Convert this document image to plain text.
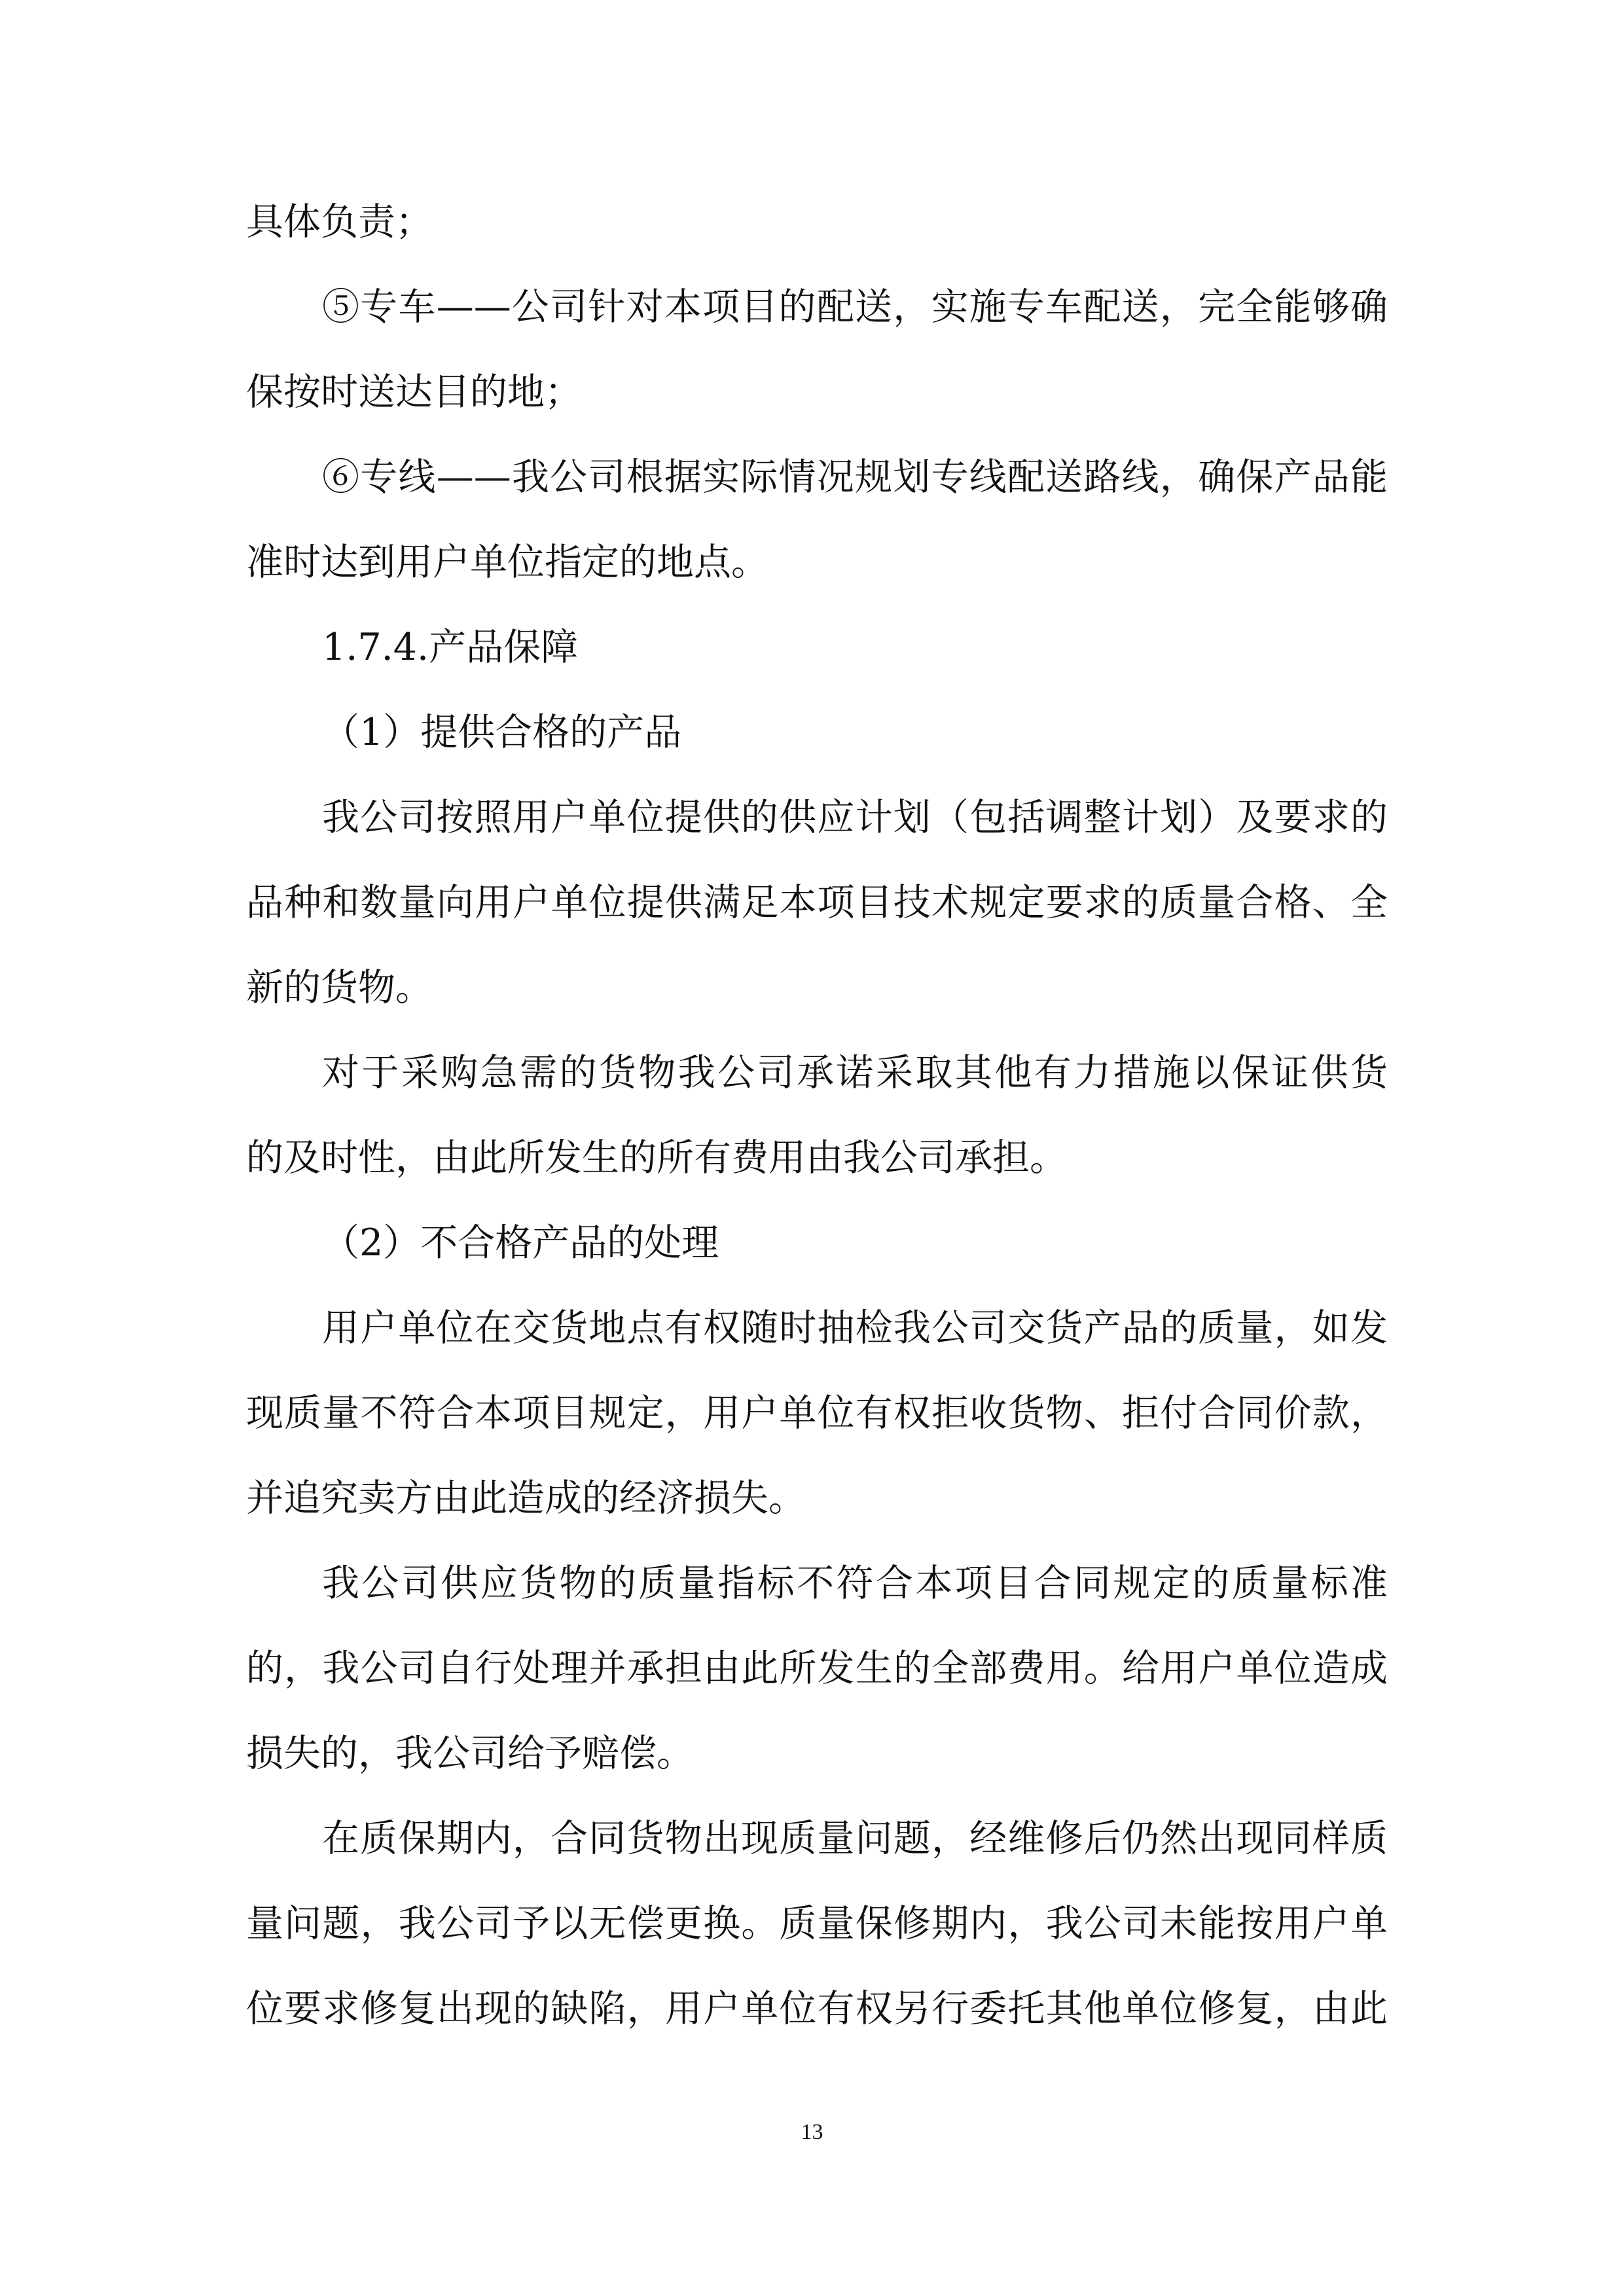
具体负责；
⑤专车——公司针对本项目的配送，实施专车配送，完全能够确
保按时送达目的地；
⑥专线——我公司根据实际情况规划专线配送路线，确保产品能
准时达到用户单位指定的地点。
1.7.4.产品保障
（1）提供合格的产品
我公司按照用户单位提供的供应计划（包括调整计划）及要求的
品种和数量向用户单位提供满足本项目技术规定要求的质量合格、全
新的货物。
对于采购急需的货物我公司承诺采取其他有力措施以保证供货
的及时性，由此所发生的所有费用由我公司承担。
（2）不合格产品的处理
用户单位在交货地点有权随时抽检我公司交货产品的质量，如发
现质量不符合本项目规定，用户单位有权拒收货物、拒付合同价款，
并追究卖方由此造成的经济损失。
我公司供应货物的质量指标不符合本项目合同规定的质量标准
的，我公司自行处理并承担由此所发生的全部费用。给用户单位造成
损失的，我公司给予赔偿。
在质保期内，合同货物出现质量问题，经维修后仍然出现同样质
量问题，我公司予以无偿更换。质量保修期内，我公司未能按用户单
位要求修复出现的缺陷，用户单位有权另行委托其他单位修复，由此
13
